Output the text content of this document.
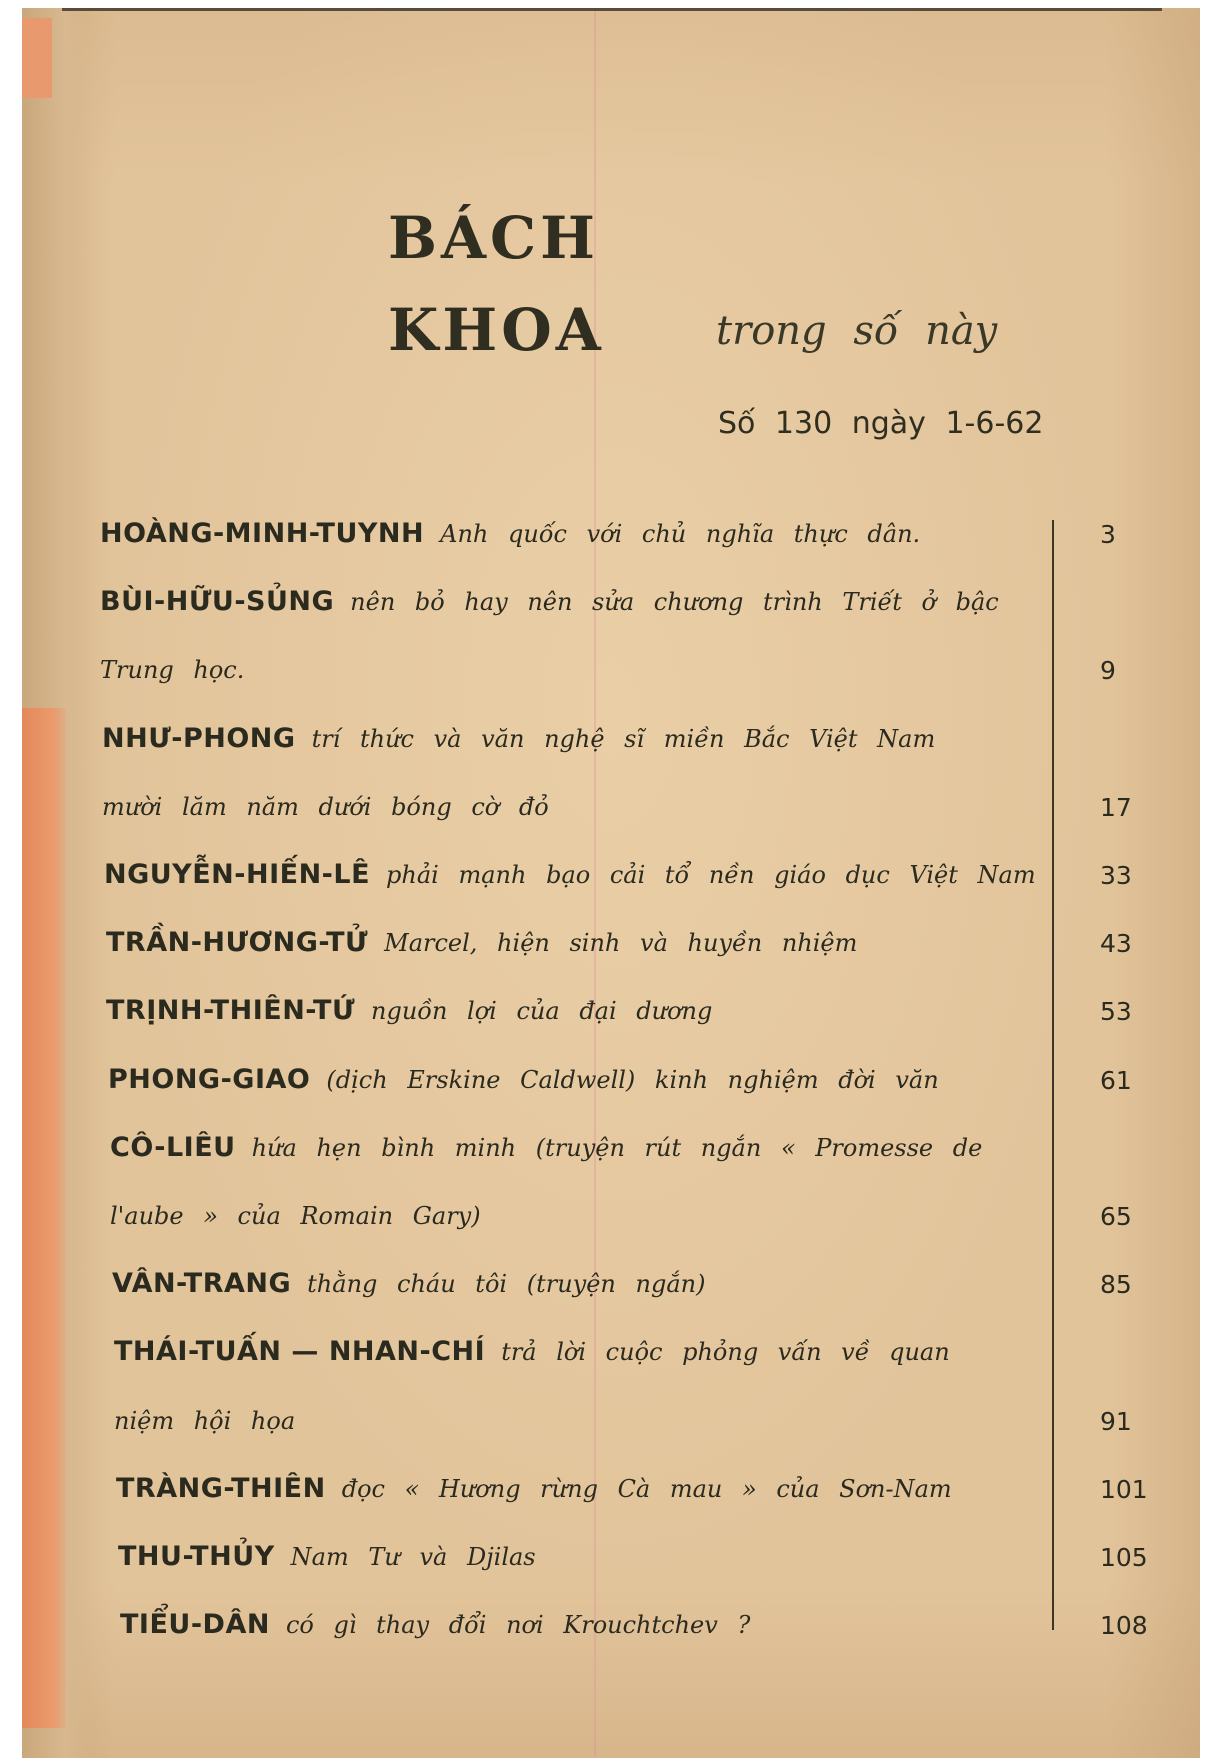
BÁCH
KHOA	trong số này
Số 130 ngày 1-6-62
HOÀNG-MINH-TUYNH Anh quốc với chủ nghĩa thực dân.	3
BÙI-HỮU-SỦNG nên bỏ hay nên sửa chương trình Triết ở bậc
Trung học.	9
NHƯ-PHONG trí thức và văn nghệ sĩ miền Bắc Việt Nam
mười lăm năm dưới bóng cờ đỏ	17
NGUYỄN-HIẾN-LÊ phải mạnh bạo cải tổ nền giáo dục Việt Nam	33
TRẦN-HƯƠNG-TỬ Marcel, hiện sinh và huyền nhiệm	43
TRỊNH-THIÊN-TỨ nguồn lợi của đại dương	53
PHONG-GIAO (dịch Erskine Caldwell) kinh nghiệm đời văn	61
CÔ-LIÊU hứa hẹn bình minh (truyện rút ngắn « Promesse de
l'aube » của Romain Gary)	65
VÂN-TRANG thằng cháu tôi (truyện ngắn)	85
THÁI-TUẤN — NHAN-CHÍ trả lời cuộc phỏng vấn về quan
niệm hội họa	91
TRÀNG-THIÊN đọc « Hương rừng Cà mau » của Sơn-Nam	101
THU-THỦY Nam Tư và Djilas	105
TIỂU-DÂN có gì thay đổi nơi Krouchtchev ?	108
